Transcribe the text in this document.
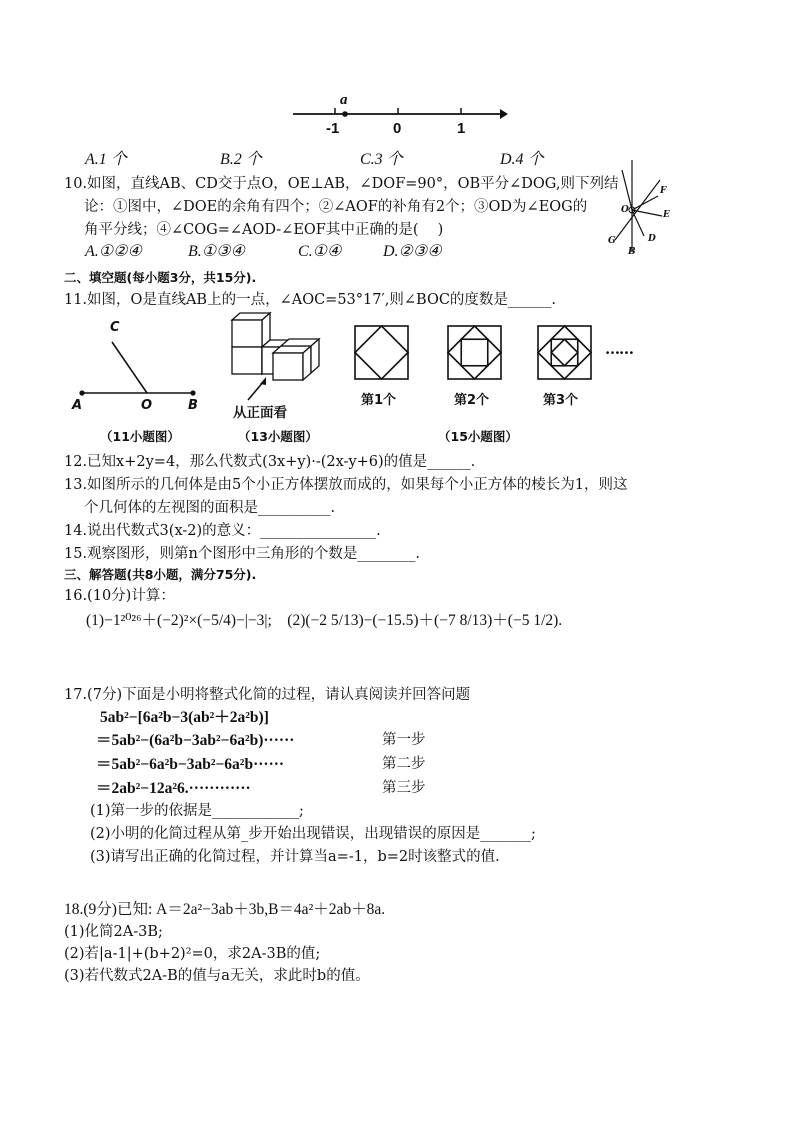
a
-1	0	1
A.1 个	B.2 个	C.3 个	D.4 个
10.如图，直线AB、CD交于点O，OE⊥AB，∠DOF=90°，OB平分∠DOG,则下列结
论：①图中，∠DOE的余角有四个；②∠AOF的补角有2个；③OD为∠EOG的
角平分线；④∠COG=∠AOD-∠EOF其中正确的是(　 )
A.①②④	B.①③④	C.①④	D.②③④
F
E
G	D
B
O
二、填空题(每小题3分，共15分).
11.如图，O是直线AB上的一点，∠AOC=53°17′,则∠BOC的度数是______.
C
A	O	B
（11小题图）
从正面看
（13小题图）
……
第1个	第2个	第3个
（15小题图）
12.已知x+2y=4，那么代数式(3x+y)·-(2x-y+6)的值是______.
13.如图所示的几何体是由5个小正方体摆放而成的，如果每个小正方体的棱长为1，则这
个几何体的左视图的面积是__________.
14.说出代数式3(x-2)的意义：________________.
15.观察图形，则第n个图形中三角形的个数是________.
三、解答题(共8小题，满分75分).
16.(10分)计算：
(1)−1²⁰²⁶＋(−2)²×(−5/4)−|−3|;　(2)(−2 5/13)−(−15.5)＋(−7 8/13)＋(−5 1/2).
17.(7分)下面是小明将整式化简的过程，请认真阅读并回答问题
5ab²−[6a²b−3(ab²＋2a²b)]
＝5ab²−(6a²b−3ab²−6a²b)······	第一步
＝5ab²−6a²b−3ab²−6a²b······	第二步
＝2ab²−12a²6.············	第三步
(1)第一步的依据是____________;
(2)小明的化简过程从第_步开始出现错误，出现错误的原因是_______;
(3)请写出正确的化简过程，并计算当a=-1，b=2时该整式的值.
18.(9分)已知: A＝2a²−3ab＋3b,B＝4a²＋2ab＋8a.
(1)化简2A-3B;
(2)若|a-1|+(b+2)²=0，求2A-3B的值;
(3)若代数式2A-B的值与a无关，求此时b的值。
